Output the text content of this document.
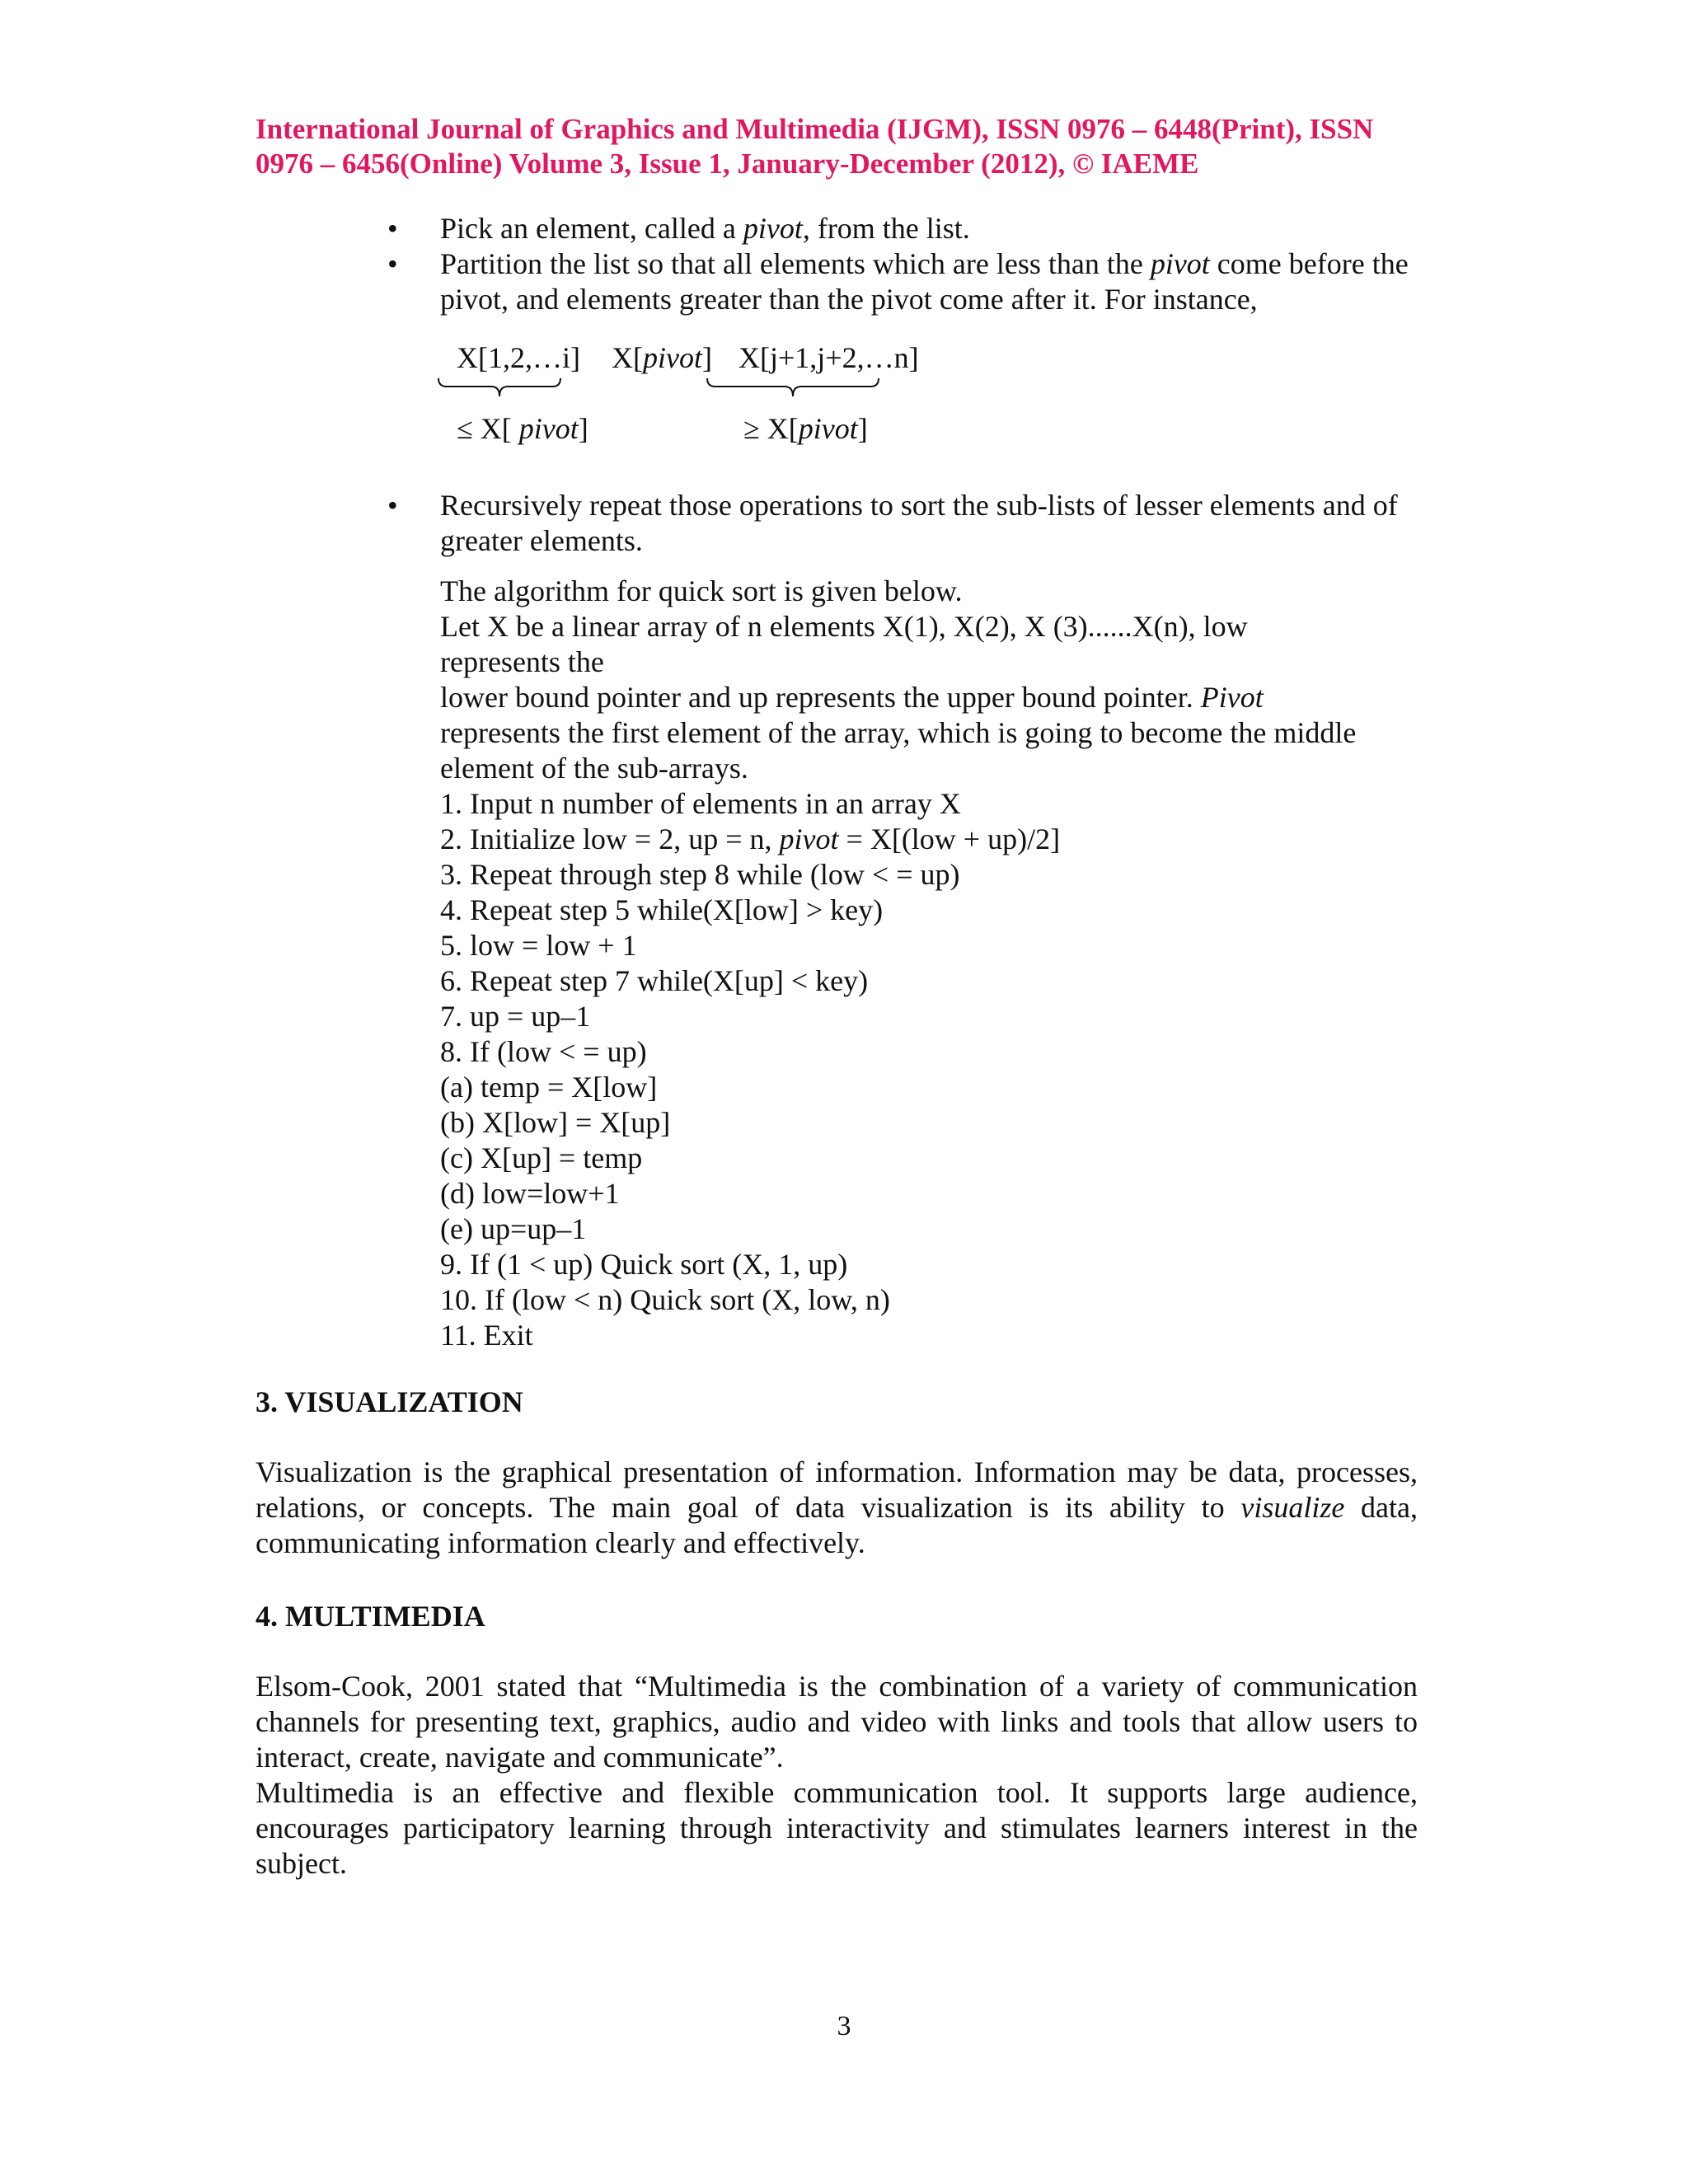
International Journal of Graphics and Multimedia (IJGM), ISSN 0976 – 6448(Print), ISSN
0976 – 6456(Online) Volume 3, Issue 1, January-December (2012), © IAEME
• Pick an element, called a pivot, from the list.
• Partition the list so that all elements which are less than the pivot come before the pivot, and elements greater than the pivot come after it. For instance,
X[1,2,…i] X[pivot] X[j+1,j+2,…n]
≤ X[ pivot]	≥ X[pivot]
• Recursively repeat those operations to sort the sub-lists of lesser elements and of greater elements.
The algorithm for quick sort is given below.
Let X be a linear array of n elements X(1), X(2), X (3)......X(n), low
represents the
lower bound pointer and up represents the upper bound pointer. Pivot
represents the first element of the array, which is going to become the middle
element of the sub-arrays.
1. Input n number of elements in an array X
2. Initialize low = 2, up = n, pivot = X[(low + up)/2]
3. Repeat through step 8 while (low < = up)
4. Repeat step 5 while(X[low] > key)
5. low = low + 1
6. Repeat step 7 while(X[up] < key)
7. up = up–1
8. If (low < = up)
(a) temp = X[low]
(b) X[low] = X[up]
(c) X[up] = temp
(d) low=low+1
(e) up=up–1
9. If (1 < up) Quick sort (X, 1, up)
10. If (low < n) Quick sort (X, low, n)
11. Exit
3. VISUALIZATION
Visualization is the graphical presentation of information. Information may be data, processes, relations, or concepts. The main goal of data visualization is its ability to visualize data, communicating information clearly and effectively.
4. MULTIMEDIA
Elsom-Cook, 2001 stated that “Multimedia is the combination of a variety of communication channels for presenting text, graphics, audio and video with links and tools that allow users to interact, create, navigate and communicate”.
Multimedia is an effective and flexible communication tool. It supports large audience, encourages participatory learning through interactivity and stimulates learners interest in the subject.
3
